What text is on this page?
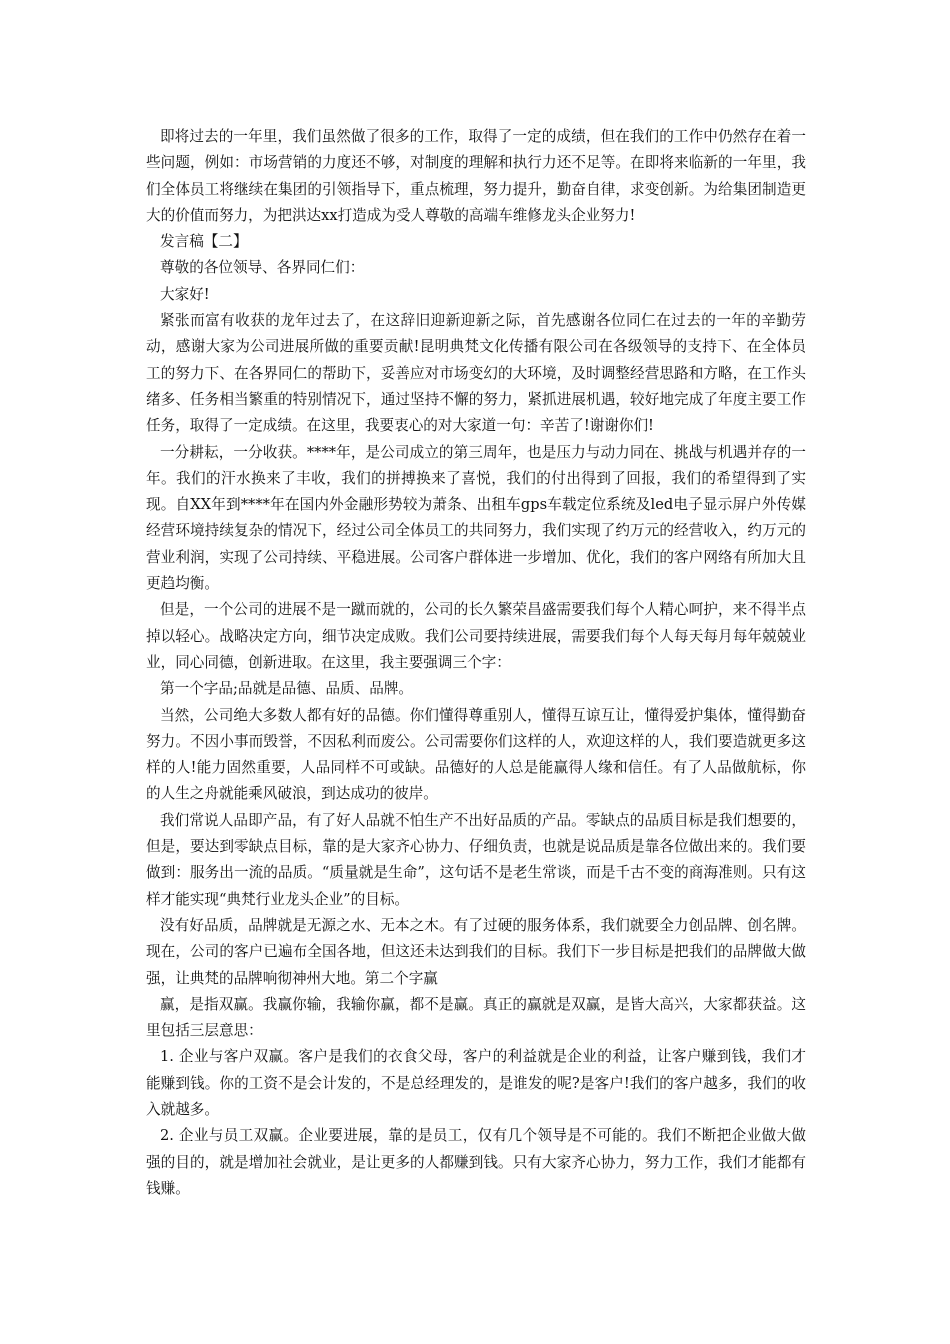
即将过去的一年里，我们虽然做了很多的工作，取得了一定的成绩，但在我们的工作中仍然存在着一些问题，例如：市场营销的力度还不够，对制度的理解和执行力还不足等。在即将来临新的一年里，我们全体员工将继续在集团的引领指导下，重点梳理，努力提升，勤奋自律，求变创新。为给集团制造更大的价值而努力，为把洪达xx打造成为受人尊敬的高端车维修龙头企业努力!

发言稿【二】

尊敬的各位领导、各界同仁们：

大家好!

紧张而富有收获的龙年过去了，在这辞旧迎新迎新之际，首先感谢各位同仁在过去的一年的辛勤劳动，感谢大家为公司进展所做的重要贡献!昆明典梵文化传播有限公司在各级领导的支持下、在全体员工的努力下、在各界同仁的帮助下，妥善应对市场变幻的大环境，及时调整经营思路和方略，在工作头绪多、任务相当繁重的特别情况下，通过坚持不懈的努力，紧抓进展机遇，较好地完成了年度主要工作任务，取得了一定成绩。在这里，我要衷心的对大家道一句：辛苦了!谢谢你们!

一分耕耘，一分收获。****年，是公司成立的第三周年，也是压力与动力同在、挑战与机遇并存的一年。我们的汗水换来了丰收，我们的拼搏换来了喜悦，我们的付出得到了回报，我们的希望得到了实现。自XX年到****年在国内外金融形势较为萧条、出租车gps车载定位系统及led电子显示屏户外传媒经营环境持续复杂的情况下，经过公司全体员工的共同努力，我们实现了约万元的经营收入，约万元的营业利润，实现了公司持续、平稳进展。公司客户群体进一步增加、优化，我们的客户网络有所加大且更趋均衡。

但是，一个公司的进展不是一蹴而就的，公司的长久繁荣昌盛需要我们每个人精心呵护，来不得半点掉以轻心。战略决定方向，细节决定成败。我们公司要持续进展，需要我们每个人每天每月每年兢兢业业，同心同德，创新进取。在这里，我主要强调三个字：

第一个字品;品就是品德、品质、品牌。

当然，公司绝大多数人都有好的品德。你们懂得尊重别人，懂得互谅互让，懂得爱护集体，懂得勤奋努力。不因小事而毁誉，不因私利而废公。公司需要你们这样的人，欢迎这样的人，我们要造就更多这样的人!能力固然重要，人品同样不可或缺。品德好的人总是能赢得人缘和信任。有了人品做航标，你的人生之舟就能乘风破浪，到达成功的彼岸。

我们常说人品即产品，有了好人品就不怕生产不出好品质的产品。零缺点的品质目标是我们想要的，但是，要达到零缺点目标，靠的是大家齐心协力、仔细负责，也就是说品质是靠各位做出来的。我们要做到：服务出一流的品质。“质量就是生命”，这句话不是老生常谈，而是千古不变的商海准则。只有这样才能实现“典梵行业龙头企业”的目标。

没有好品质，品牌就是无源之水、无本之木。有了过硬的服务体系，我们就要全力创品牌、创名牌。现在，公司的客户已遍布全国各地，但这还未达到我们的目标。我们下一步目标是把我们的品牌做大做强，让典梵的品牌响彻神州大地。第二个字赢

赢，是指双赢。我赢你输，我输你赢，都不是赢。真正的赢就是双赢，是皆大高兴，大家都获益。这里包括三层意思：

1. 企业与客户双赢。客户是我们的衣食父母，客户的利益就是企业的利益，让客户赚到钱，我们才能赚到钱。你的工资不是会计发的，不是总经理发的，是谁发的呢?是客户!我们的客户越多，我们的收入就越多。

2. 企业与员工双赢。企业要进展，靠的是员工，仅有几个领导是不可能的。我们不断把企业做大做强的目的，就是增加社会就业，是让更多的人都赚到钱。只有大家齐心协力，努力工作，我们才能都有钱赚。
